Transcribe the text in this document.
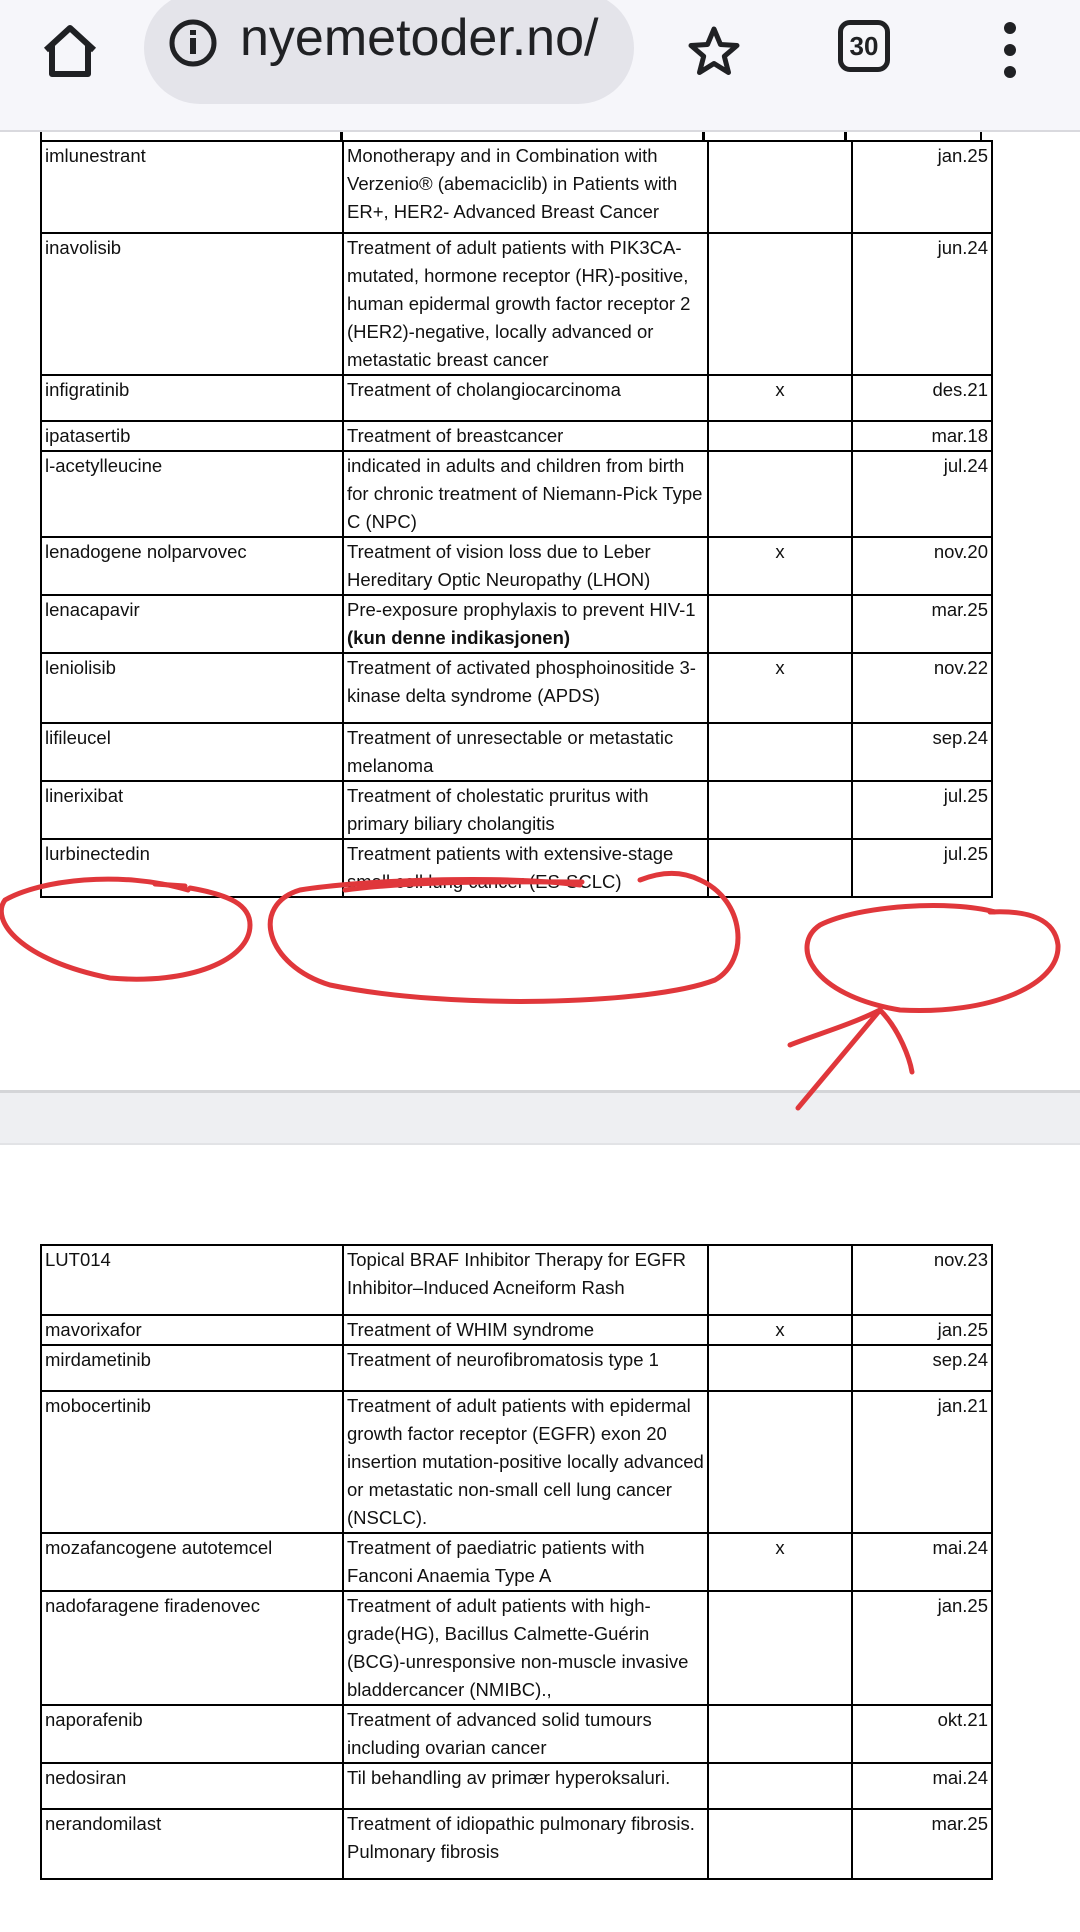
nyemetoder.no/	30
imlunestrant	Monotherapy and in Combination with Verzenio® (abemaciclib) in Patients with ER+, HER2- Advanced Breast Cancer		jan.25
inavolisib	Treatment of adult patients with PIK3CA-mutated, hormone receptor (HR)-positive, human epidermal growth factor receptor 2 (HER2)-negative, locally advanced or metastatic breast cancer		jun.24
infigratinib	Treatment of cholangiocarcinoma	x	des.21
ipatasertib	Treatment of breastcancer		mar.18
l-acetylleucine	indicated in adults and children from birth for chronic treatment of Niemann-Pick Type C (NPC)		jul.24
lenadogene nolparvovec	Treatment of vision loss due to Leber Hereditary Optic Neuropathy (LHON)	x	nov.20
lenacapavir	Pre-exposure prophylaxis to prevent HIV-1 (kun denne indikasjonen)		mar.25
leniolisib	Treatment of activated phosphoinositide 3-kinase delta syndrome (APDS)	x	nov.22
lifileucel	Treatment of unresectable or metastatic melanoma		sep.24
linerixibat	Treatment of cholestatic pruritus with primary biliary cholangitis		jul.25
lurbinectedin	Treatment patients with extensive-stage small cell lung cancer (ES-SCLC)		jul.25
LUT014	Topical BRAF Inhibitor Therapy for EGFR Inhibitor–Induced Acneiform Rash		nov.23
mavorixafor	Treatment of WHIM syndrome	x	jan.25
mirdametinib	Treatment of neurofibromatosis type 1		sep.24
mobocertinib	Treatment of adult patients with epidermal growth factor receptor (EGFR) exon 20 insertion mutation-positive locally advanced or metastatic non-small cell lung cancer (NSCLC).		jan.21
mozafancogene autotemcel	Treatment of paediatric patients with Fanconi Anaemia Type A	x	mai.24
nadofaragene firadenovec	Treatment of adult patients with high-grade(HG), Bacillus Calmette-Guérin (BCG)-unresponsive non-muscle invasive bladdercancer (NMIBC).,		jan.25
naporafenib	Treatment of advanced solid tumours including ovarian cancer		okt.21
nedosiran	Til behandling av primær hyperoksaluri.		mai.24
nerandomilast	Treatment of idiopathic pulmonary fibrosis. Pulmonary fibrosis		mar.25
